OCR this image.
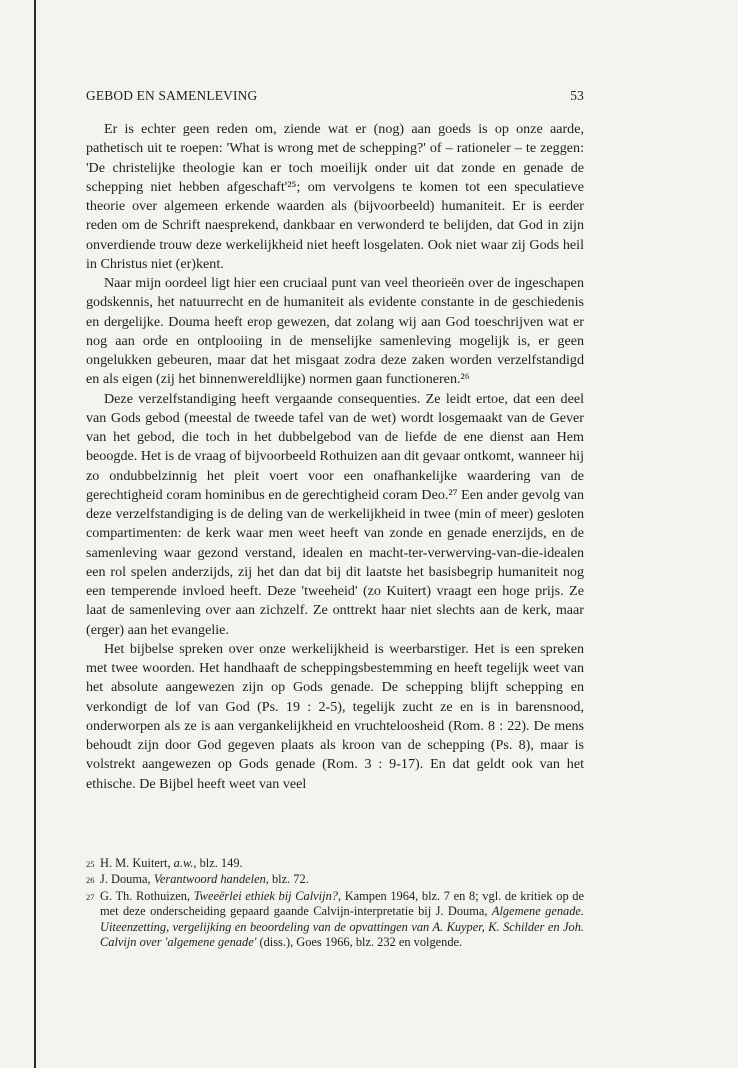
GEBOD EN SAMENLEVING	53

Er is echter geen reden om, ziende wat er (nog) aan goeds is op onze aarde, pathetisch uit te roepen: 'What is wrong met de schepping?' of – rationeler – te zeggen: 'De christelijke theologie kan er toch moeilijk onder uit dat zonde en genade de schepping niet hebben afgeschaft'²⁵; om vervolgens te komen tot een speculatieve theorie over algemeen erkende waarden als (bijvoorbeeld) humaniteit. Er is eerder reden om de Schrift naesprekend, dankbaar en verwonderd te belijden, dat God in zijn onverdiende trouw deze werkelijkheid niet heeft losgelaten. Ook niet waar zij Gods heil in Christus niet (er)kent.

Naar mijn oordeel ligt hier een cruciaal punt van veel theorieën over de ingeschapen godskennis, het natuurrecht en de humaniteit als evidente constante in de geschiedenis en dergelijke. Douma heeft erop gewezen, dat zolang wij aan God toeschrijven wat er nog aan orde en ontplooiing in de menselijke samenleving mogelijk is, er geen ongelukken gebeuren, maar dat het misgaat zodra deze zaken worden verzelfstandigd en als eigen (zij het binnenwereldlijke) normen gaan functioneren.²⁶

Deze verzelfstandiging heeft vergaande consequenties. Ze leidt ertoe, dat een deel van Gods gebod (meestal de tweede tafel van de wet) wordt losgemaakt van de Gever van het gebod, die toch in het dubbelgebod van de liefde de ene dienst aan Hem beoogde. Het is de vraag of bijvoorbeeld Rothuizen aan dit gevaar ontkomt, wanneer hij zo ondubbelzinnig het pleit voert voor een onafhankelijke waardering van de gerechtigheid coram hominibus en de gerechtigheid coram Deo.²⁷ Een ander gevolg van deze verzelfstandiging is de deling van de werkelijkheid in twee (min of meer) gesloten compartimenten: de kerk waar men weet heeft van zonde en genade enerzijds, en de samenleving waar gezond verstand, idealen en macht-ter-verwerving-van-die-idealen een rol spelen anderzijds, zij het dan dat bij dit laatste het basisbegrip humaniteit nog een temperende invloed heeft. Deze 'tweeheid' (zo Kuitert) vraagt een hoge prijs. Ze laat de samenleving over aan zichzelf. Ze onttrekt haar niet slechts aan de kerk, maar (erger) aan het evangelie.

Het bijbelse spreken over onze werkelijkheid is weerbarstiger. Het is een spreken met twee woorden. Het handhaaft de scheppingsbestemming en heeft tegelijk weet van het absolute aangewezen zijn op Gods genade. De schepping blijft schepping en verkondigt de lof van God (Ps. 19 : 2-5), tegelijk zucht ze en is in barensnood, onderworpen als ze is aan vergankelijkheid en vruchteloosheid (Rom. 8 : 22). De mens behoudt zijn door God gegeven plaats als kroon van de schepping (Ps. 8), maar is volstrekt aangewezen op Gods genade (Rom. 3 : 9-17). En dat geldt ook van het ethische. De Bijbel heeft weet van veel

25 H. M. Kuitert, a.w., blz. 149.
26 J. Douma, Verantwoord handelen, blz. 72.
27 G. Th. Rothuizen, Tweeërlei ethiek bij Calvijn?, Kampen 1964, blz. 7 en 8; vgl. de kritiek op de met deze onderscheiding gepaard gaande Calvijn-interpretatie bij J. Douma, Algemene genade. Uiteenzetting, vergelijking en beoordeling van de opvattingen van A. Kuyper, K. Schilder en Joh. Calvijn over 'algemene genade' (diss.), Goes 1966, blz. 232 en volgende.
